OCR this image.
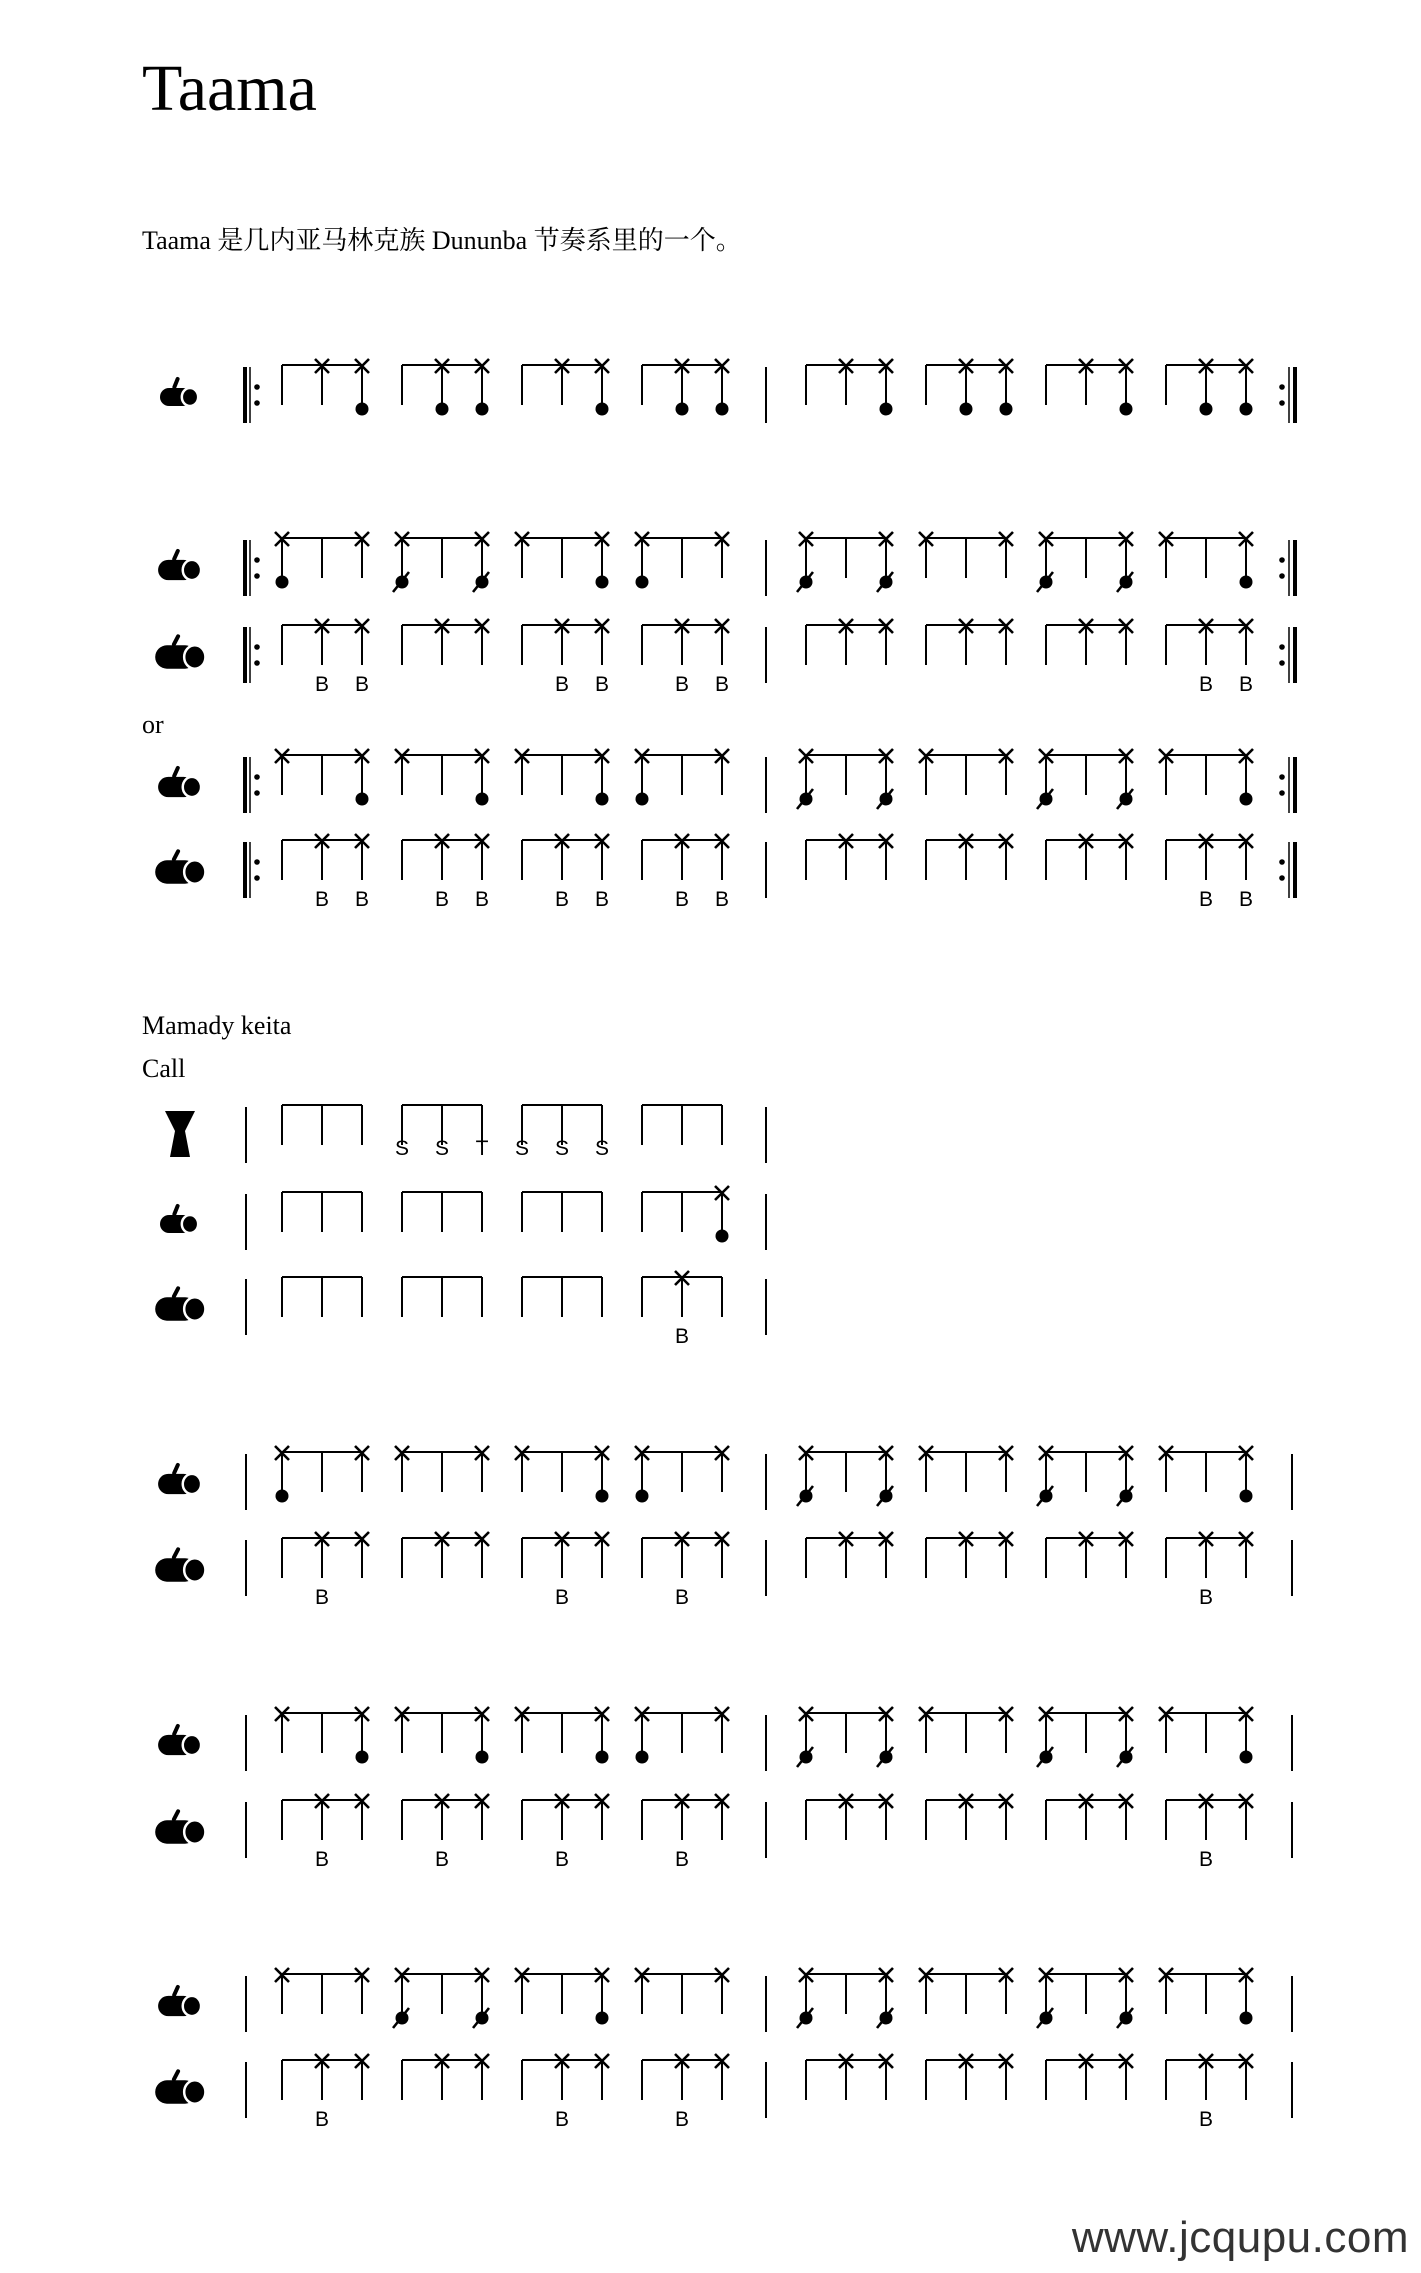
Taama
Taama 是几内亚马林克族 Dununba 节奏系里的一个。
or
Mamady keita
Call
B B	B B	B B	B B
B B	B B	B B	B B	B B
S S T S S S
B
B	B	B	B
B	B	B	B	B
B	B	B	B
www.jcqupu.com
